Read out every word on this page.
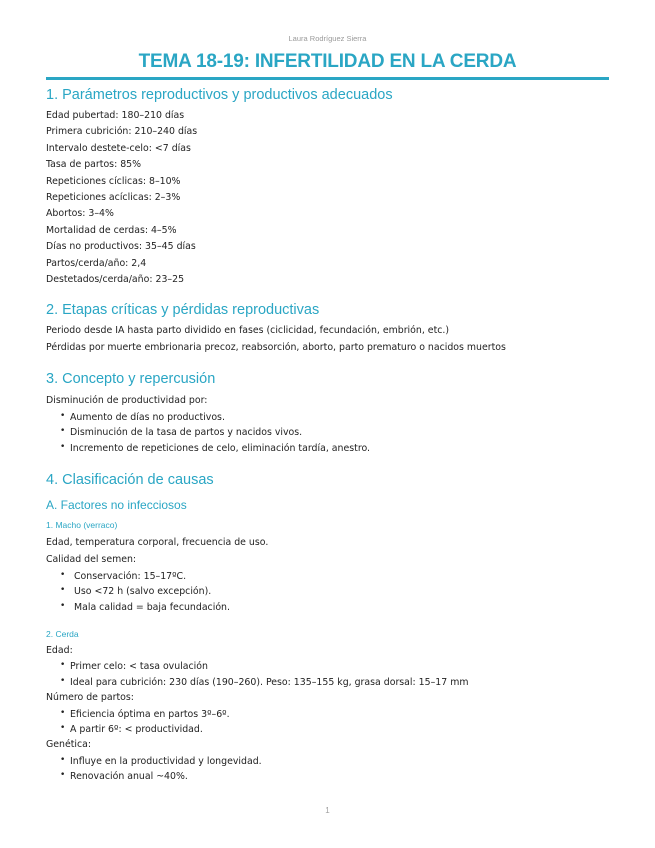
Laura Rodríguez Sierra
TEMA 18-19: INFERTILIDAD EN LA CERDA
1. Parámetros reproductivos y productivos adecuados
Edad pubertad: 180–210 días
Primera cubrición: 210–240 días
Intervalo destete-celo: <7 días
Tasa de partos: 85%
Repeticiones cíclicas: 8–10%
Repeticiones acíclicas: 2–3%
Abortos: 3–4%
Mortalidad de cerdas: 4–5%
Días no productivos: 35–45 días
Partos/cerda/año: 2,4
Destetados/cerda/año: 23–25
2. Etapas críticas y pérdidas reproductivas
Periodo desde IA hasta parto dividido en fases (ciclicidad, fecundación, embrión, etc.)
Pérdidas por muerte embrionaria precoz, reabsorción, aborto, parto prematuro o nacidos muertos
3. Concepto y repercusión
Disminución de productividad por:
• Aumento de días no productivos.
• Disminución de la tasa de partos y nacidos vivos.
• Incremento de repeticiones de celo, eliminación tardía, anestro.
4. Clasificación de causas
A. Factores no infecciosos
1. Macho (verraco)
Edad, temperatura corporal, frecuencia de uso.
Calidad del semen:
• Conservación: 15–17ºC.
• Uso <72 h (salvo excepción).
• Mala calidad = baja fecundación.
2. Cerda
Edad:
• Primer celo: < tasa ovulación
• Ideal para cubrición: 230 días (190–260). Peso: 135–155 kg, grasa dorsal: 15–17 mm
Número de partos:
• Eficiencia óptima en partos 3º–6º.
• A partir 6º: < productividad.
Genética:
• Influye en la productividad y longevidad.
• Renovación anual ~40%.
1
